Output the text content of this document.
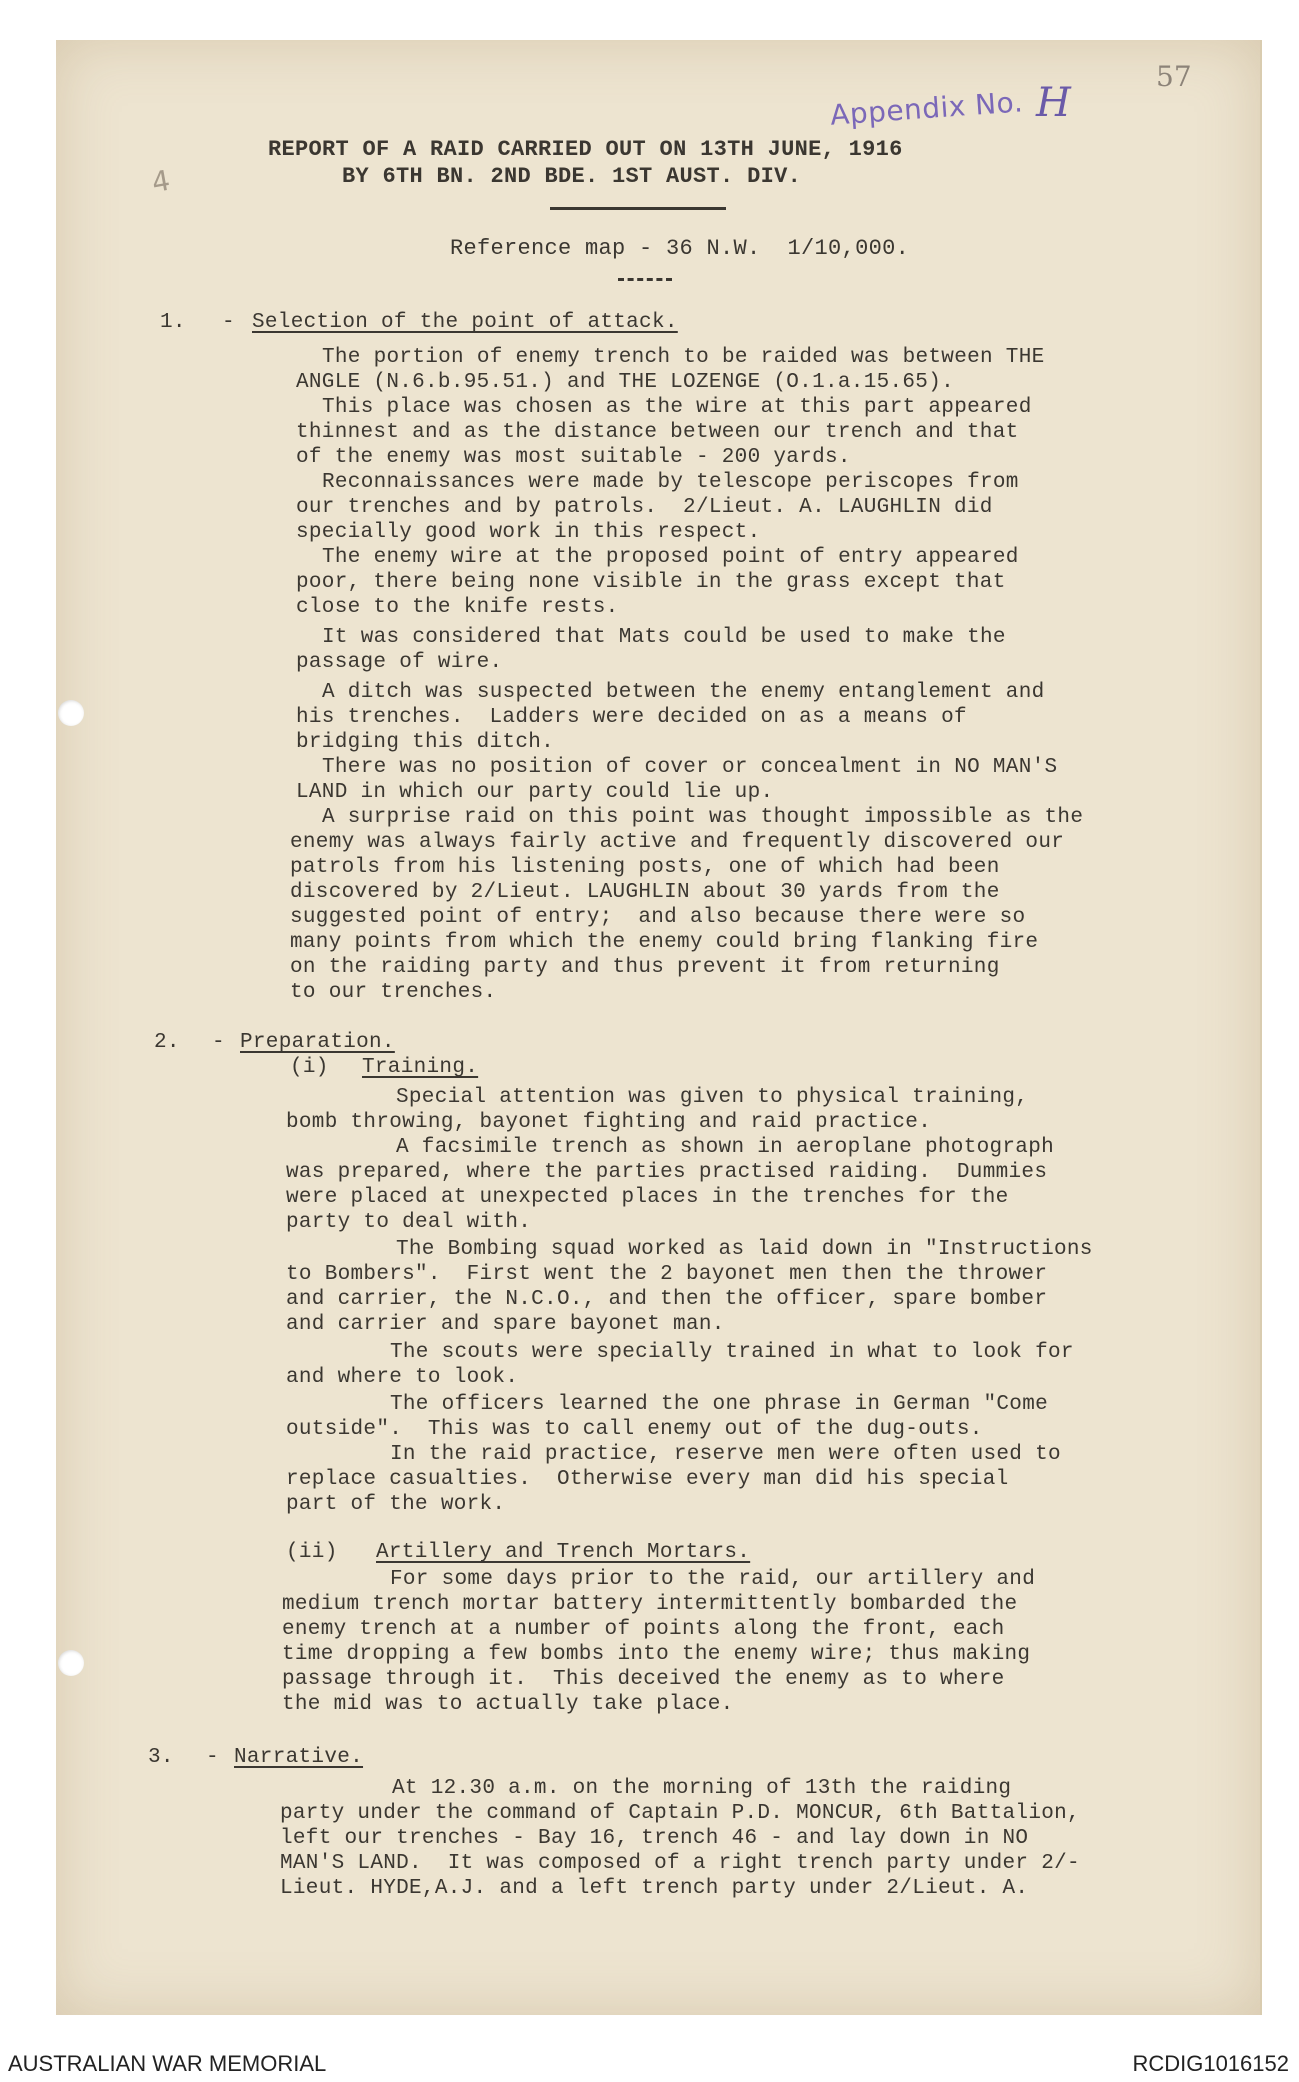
57
Appendix No. H
4
REPORT OF A RAID CARRIED OUT ON 13TH JUNE, 1916
BY 6TH BN. 2ND BDE. 1ST AUST. DIV.
Reference map - 36 N.W.  1/10,000.
1. - Selection of the point of attack.
The portion of enemy trench to be raided was between THE
ANGLE (N.6.b.95.51.) and THE LOZENGE (O.1.a.15.65).
This place was chosen as the wire at this part appeared
thinnest and as the distance between our trench and that
of the enemy was most suitable - 200 yards.
Reconnaissances were made by telescope periscopes from
our trenches and by patrols.  2/Lieut. A. LAUGHLIN did
specially good work in this respect.
The enemy wire at the proposed point of entry appeared
poor, there being none visible in the grass except that
close to the knife rests.
It was considered that Mats could be used to make the
passage of wire.
A ditch was suspected between the enemy entanglement and
his trenches.  Ladders were decided on as a means of
bridging this ditch.
There was no position of cover or concealment in NO MAN'S
LAND in which our party could lie up.
A surprise raid on this point was thought impossible as the
enemy was always fairly active and frequently discovered our
patrols from his listening posts, one of which had been
discovered by 2/Lieut. LAUGHLIN about 30 yards from the
suggested point of entry;  and also because there were so
many points from which the enemy could bring flanking fire
on the raiding party and thus prevent it from returning
to our trenches.
2. - Preparation.
(i) Training.
Special attention was given to physical training,
bomb throwing, bayonet fighting and raid practice.
A facsimile trench as shown in aeroplane photograph
was prepared, where the parties practised raiding.  Dummies
were placed at unexpected places in the trenches for the
party to deal with.
The Bombing squad worked as laid down in "Instructions
to Bombers".  First went the 2 bayonet men then the thrower
and carrier, the N.C.O., and then the officer, spare bomber
and carrier and spare bayonet man.
The scouts were specially trained in what to look for
and where to look.
The officers learned the one phrase in German "Come
outside".  This was to call enemy out of the dug-outs.
In the raid practice, reserve men were often used to
replace casualties.  Otherwise every man did his special
part of the work.
(ii) Artillery and Trench Mortars.
For some days prior to the raid, our artillery and
medium trench mortar battery intermittently bombarded the
enemy trench at a number of points along the front, each
time dropping a few bombs into the enemy wire; thus making
passage through it.  This deceived the enemy as to where
the mid was to actually take place.
3. - Narrative.
At 12.30 a.m. on the morning of 13th the raiding
party under the command of Captain P.D. MONCUR, 6th Battalion,
left our trenches - Bay 16, trench 46 - and lay down in NO
MAN'S LAND.  It was composed of a right trench party under 2/-
Lieut. HYDE,A.J. and a left trench party under 2/Lieut. A.
AUSTRALIAN WAR MEMORIAL	RCDIG1016152
